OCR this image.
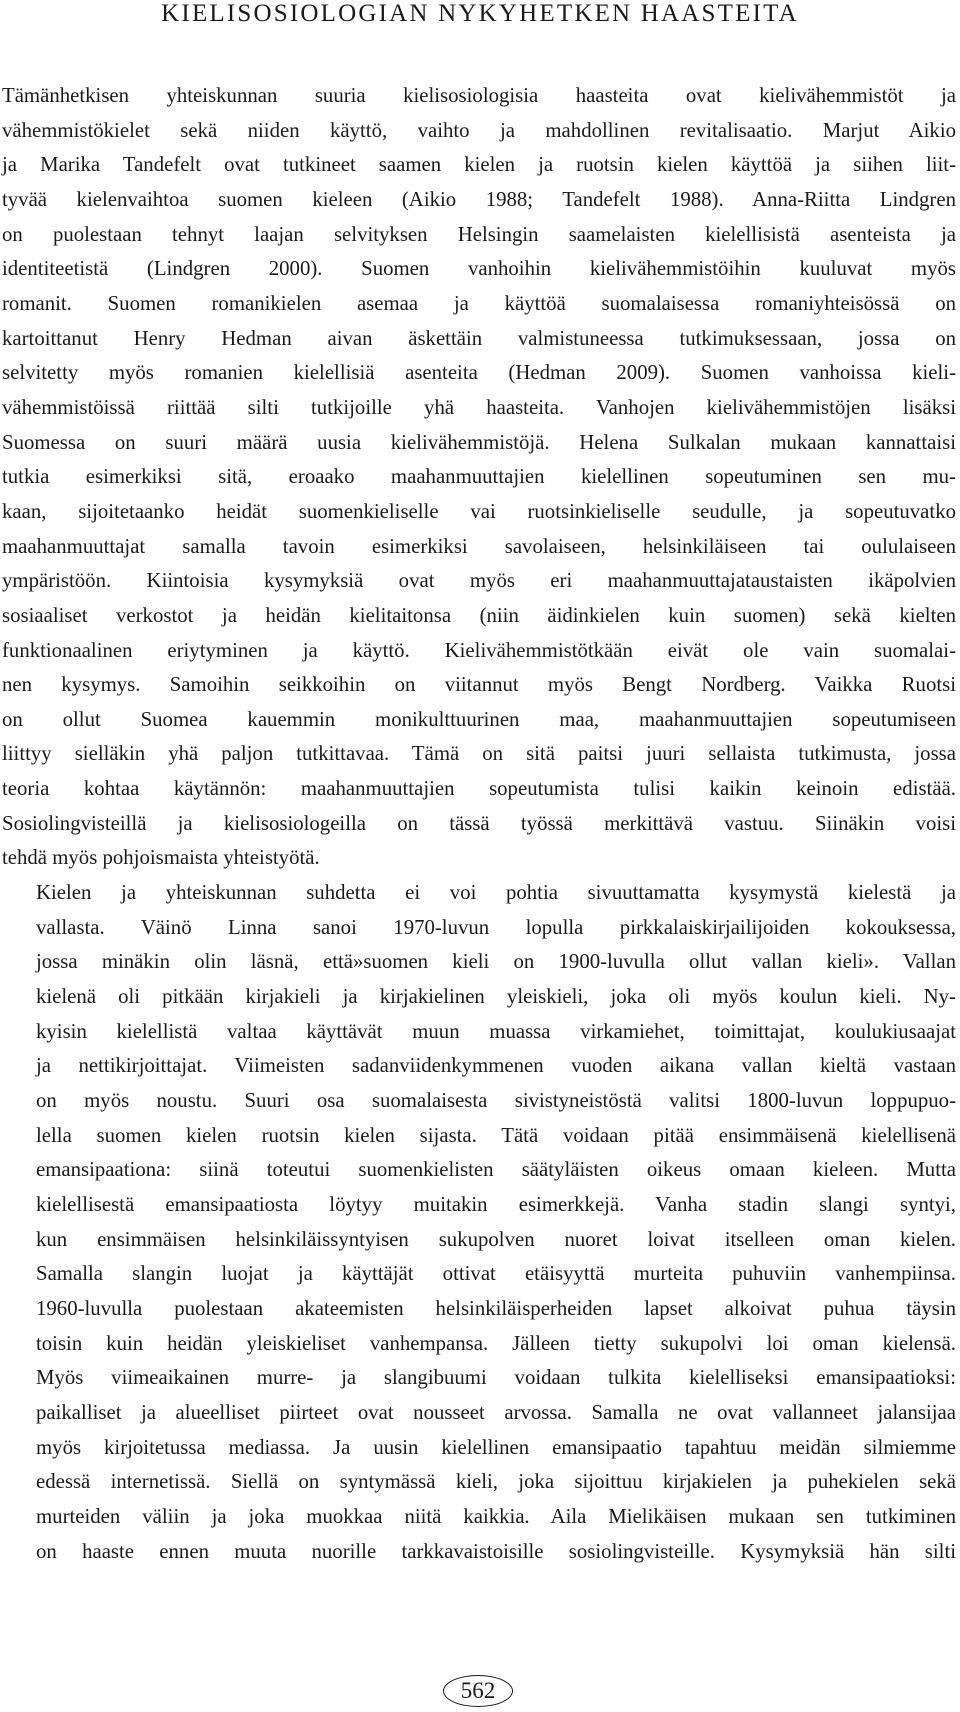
KIELISOSIOLOGIAN NYKYHETKEN HAASTEITA

Tämänhetkisen yhteiskunnan suuria kielisosiologisia haasteita ovat kielivähemmistöt ja
vähemmistökielet sekä niiden käyttö, vaihto ja mahdollinen revitalisaatio. Marjut Aikio
ja Marika Tandefelt ovat tutkineet saamen kielen ja ruotsin kielen käyttöä ja siihen liit-
tyvää kielenvaihtoa suomen kieleen (Aikio 1988; Tandefelt 1988). Anna-Riitta Lindgren
on puolestaan tehnyt laajan selvityksen Helsingin saamelaisten kielellisistä asenteista ja
identiteetistä (Lindgren 2000). Suomen vanhoihin kielivähemmistöihin kuuluvat myös
romanit. Suomen romanikielen asemaa ja käyttöä suomalaisessa romaniyhteisössä on
kartoittanut Henry Hedman aivan äskettäin valmistuneessa tutkimuksessaan, jossa on
selvitetty myös romanien kielellisiä asenteita (Hedman 2009). Suomen vanhoissa kieli-
vähemmistöissä riittää silti tutkijoille yhä haasteita. Vanhojen kielivähemmistöjen lisäksi
Suomessa on suuri määrä uusia kielivähemmistöjä. Helena Sulkalan mukaan kannattaisi
tutkia esimerkiksi sitä, eroaako maahanmuuttajien kielellinen sopeutuminen sen mu-
kaan, sijoitetaanko heidät suomenkieliselle vai ruotsinkieliselle seudulle, ja sopeutuvatko
maahanmuuttajat samalla tavoin esimerkiksi savolaiseen, helsinkiläiseen tai oululaiseen
ympäristöön. Kiintoisia kysymyksiä ovat myös eri maahanmuuttajataustaisten ikäpolvien
sosiaaliset verkostot ja heidän kielitaitonsa (niin äidinkielen kuin suomen) sekä kielten
funktionaalinen eriytyminen ja käyttö. Kielivähemmistötkään eivät ole vain suomalai-
nen kysymys. Samoihin seikkoihin on viitannut myös Bengt Nordberg. Vaikka Ruotsi
on ollut Suomea kauemmin monikulttuurinen maa, maahanmuuttajien sopeutumiseen
liittyy sielläkin yhä paljon tutkittavaa. Tämä on sitä paitsi juuri sellaista tutkimusta, jossa
teoria kohtaa käytännön: maahanmuuttajien sopeutumista tulisi kaikin keinoin edistää.
Sosiolingvisteillä ja kielisosiologeilla on tässä työssä merkittävä vastuu. Siinäkin voisi
tehdä myös pohjoismaista yhteistyötä.

Kielen ja yhteiskunnan suhdetta ei voi pohtia sivuuttamatta kysymystä kielestä ja
vallasta. Väinö Linna sanoi 1970-luvun lopulla pirkkalaiskirjailijoiden kokouksessa,
jossa minäkin olin läsnä, että»suomen kieli on 1900-luvulla ollut vallan kieli». Vallan
kielenä oli pitkään kirjakieli ja kirjakielinen yleiskieli, joka oli myös koulun kieli. Ny-
kyisin kielellistä valtaa käyttävät muun muassa virkamiehet, toimittajat, koulukiusaajat
ja nettikirjoittajat. Viimeisten sadanviidenkymmenen vuoden aikana vallan kieltä vastaan
on myös noustu. Suuri osa suomalaisesta sivistyneistöstä valitsi 1800-luvun loppupuo-
lella suomen kielen ruotsin kielen sijasta. Tätä voidaan pitää ensimmäisenä kielellisenä
emansipaationa: siinä toteutui suomenkielisten säätyläisten oikeus omaan kieleen. Mutta
kielellisestä emansipaatiosta löytyy muitakin esimerkkejä. Vanha stadin slangi syntyi,
kun ensimmäisen helsinkiläissyntyisen sukupolven nuoret loivat itselleen oman kielen.
Samalla slangin luojat ja käyttäjät ottivat etäisyyttä murteita puhuviin vanhempiinsa.
1960-luvulla puolestaan akateemisten helsinkiläisperheiden lapset alkoivat puhua täysin
toisin kuin heidän yleiskieliset vanhempansa. Jälleen tietty sukupolvi loi oman kielensä.
Myös viimeaikainen murre- ja slangibuumi voidaan tulkita kielelliseksi emansipaatioksi:
paikalliset ja alueelliset piirteet ovat nousseet arvossa. Samalla ne ovat vallanneet jalansijaa
myös kirjoitetussa mediassa. Ja uusin kielellinen emansipaatio tapahtuu meidän silmiemme
edessä internetissä. Siellä on syntymässä kieli, joka sijoittuu kirjakielen ja puhekielen sekä
murteiden väliin ja joka muokkaa niitä kaikkia. Aila Mielikäisen mukaan sen tutkiminen
on haaste ennen muuta nuorille tarkkavaistoisille sosiolingvisteille. Kysymyksiä hän silti

562
